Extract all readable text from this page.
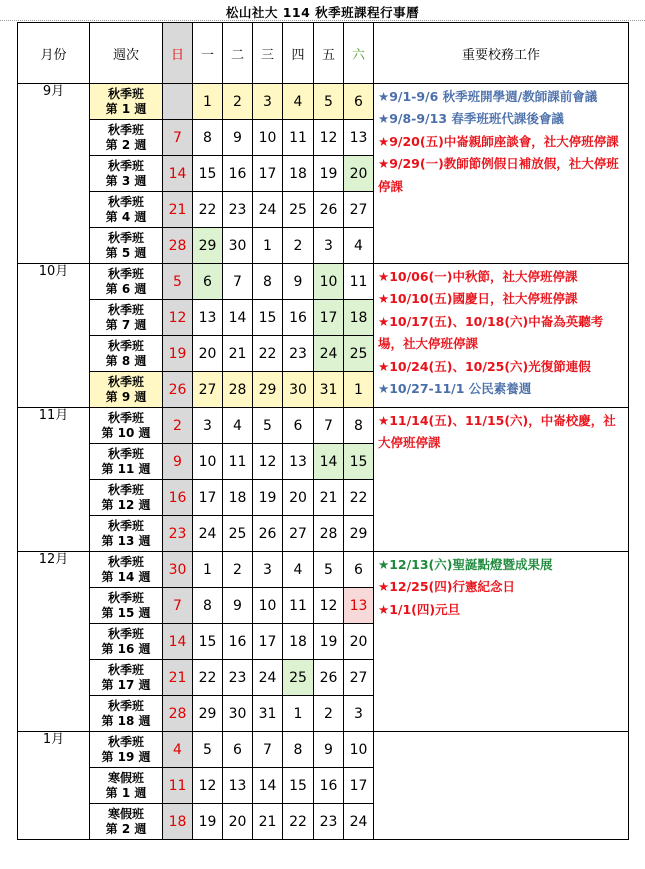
松山社大 114 秋季班課程行事曆
月份	週次	日	一	二	三	四	五	六	重要校務工作
9月	秋季班
第 1 週		1	2	3	4	5	6	★9/1-9/6 秋季班開學週/教師課前會議
★9/8-9/13 春季班班代課後會議
★9/20(五)中崙親師座談會，社大停班停課
★9/29(一)教師節例假日補放假，社大停班停課

	秋季班
第 2 週	7	8	9	10	11	12	13	
	秋季班
第 3 週	14	15	16	17	18	19	20	
	秋季班
第 4 週	21	22	23	24	25	26	27	
	秋季班
第 5 週	28	29	30	1	2	3	4	
10月	秋季班
第 6 週	5	6	7	8	9	10	11	★10/06(一)中秋節，社大停班停課
★10/10(五)國慶日，社大停班停課
★10/17(五)、10/18(六)中崙為英聽考場，社大停班停課
★10/24(五)、10/25(六)光復節連假
★10/27-11/1 公民素養週

	秋季班
第 7 週	12	13	14	15	16	17	18	
	秋季班
第 8 週	19	20	21	22	23	24	25	
	秋季班
第 9 週	26	27	28	29	30	31	1	
11月	秋季班
第 10 週	2	3	4	5	6	7	8	★11/14(五)、11/15(六)，中崙校慶，社大停班停課

	秋季班
第 11 週	9	10	11	12	13	14	15	
	秋季班
第 12 週	16	17	18	19	20	21	22	
	秋季班
第 13 週	23	24	25	26	27	28	29	
12月	秋季班
第 14 週	30	1	2	3	4	5	6	★12/13(六)聖誕點燈暨成果展
★12/25(四)行憲紀念日
★1/1(四)元旦

	秋季班
第 15 週	7	8	9	10	11	12	13	
	秋季班
第 16 週	14	15	16	17	18	19	20	
	秋季班
第 17 週	21	22	23	24	25	26	27	
	秋季班
第 18 週	28	29	30	31	1	2	3	
1月	秋季班
第 19 週	4	5	6	7	8	9	10	
	寒假班
第 1 週	11	12	13	14	15	16	17	
	寒假班
第 2 週	18	19	20	21	22	23	24	
